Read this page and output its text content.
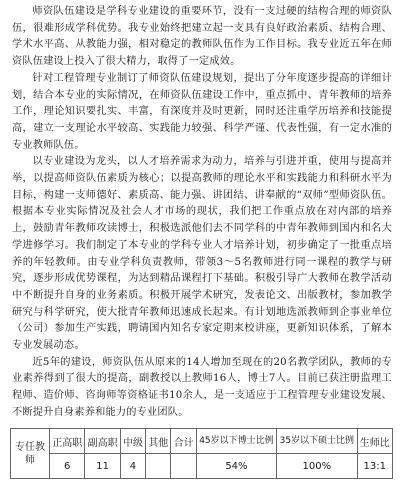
师资队伍建设是学科专业建设的重要环节，没有一支过硬的结构合理的师资队伍，很难形成学科优势。我专业始终把建立起一支具有良好政治素质、结构合理、学术水平高、从教能力强，相对稳定的教师队伍作为工作目标。我专业近五年在师资队伍建设上投入了很大精力，取得了一定成效。

针对工程管理专业制订了师资队伍建设规划，提出了分年度逐步提高的详细计划，结合本专业的实际情况，在师资队伍建设工作中，重点抓中、青年教师的培养工作，理论知识要扎实、丰富，有深度并及时更新，同时还注重学历培养和技能提高，建立一支理论水平较高、实践能力较强、科学严谨、代表性强，有一定水准的专业教师队伍。

以专业建设为龙头，以人才培养需求为动力，培养与引进并重，使用与提高并举，以提高师资队伍素质为核心；以提高教师的理论水平和实践能力和科研水平为目标，构建一支师德好、素质高、能力强、讲团结、讲奉献的“双师”型师资队伍。根据本专业实际情况及社会人才市场的现状，我们把工作重点放在对内部的培养上，鼓励青年教师攻读博士，积极选派他们去不同学科的中青年教师到国内和名大学进修学习。我们制定了本专业的学科专业人才培养计划，初步确定了一批重点培养的年轻教师。由专业学科负责教师，带领3～5名教师进行同一课程的教学与研究，逐步形成优势课程，为达到精品课程打下基础。积极引导广大教师在教学活动中不断提升自身的业务素质。积极开展学术研究，发表论文、出版教材，参加教学研究与科学研究，使大批青年教师迅速成长起来。有计划地选派教师到企事业单位（公司）参加生产实践，聘请国内知名专家定期来校讲座，更新知识体系，了解本专业发展动态。

近5年的建设，师资队伍从原来的14人增加至现在的20名教学团队，教师的专业素养得到了很大的提高，副教授以上教师16人，博士7人。目前已获注册监理工程师、造价师、咨询师等资格证书10余人，是一支适应于工程管理专业建设发展、不断提升自身素养和能力的专业团队。

专任教师	正高职	副高职	中级	其他	合计	45岁以下博士比例	35岁以下硕士比例	生师比
	6	11	4			54%	100%	13:1
